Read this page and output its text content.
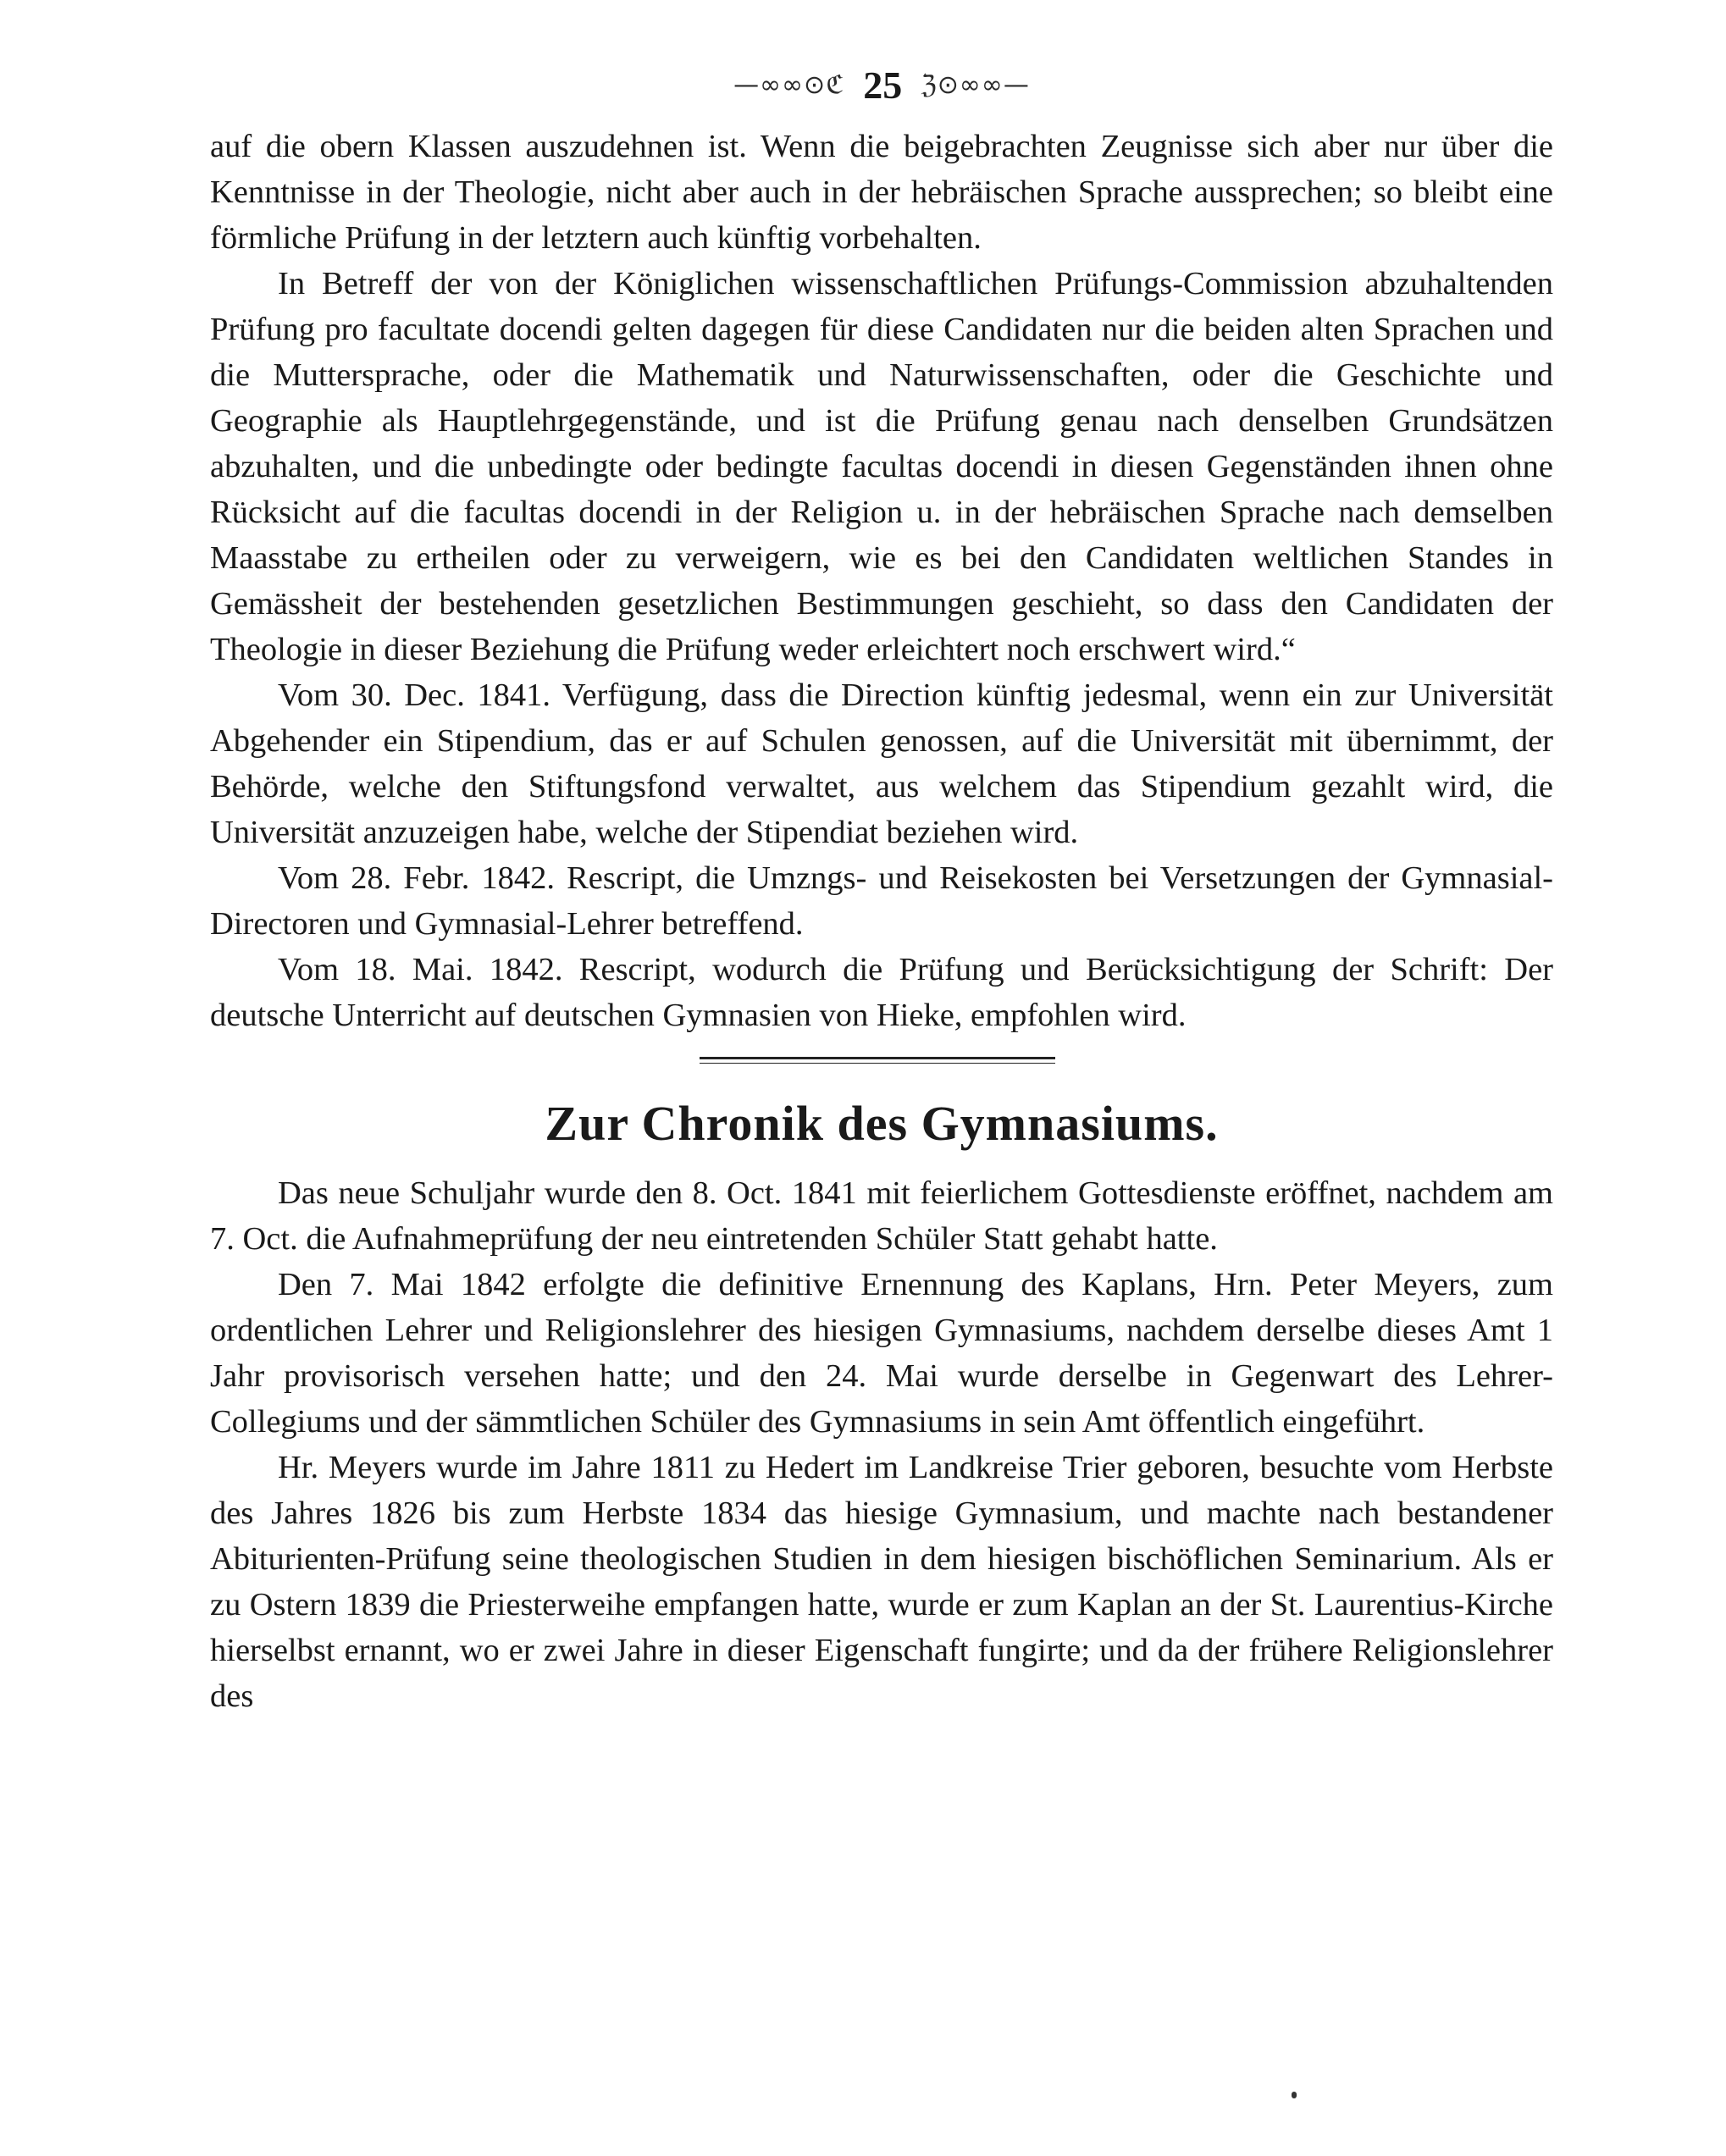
—∞∞⊙ℭ 25 ℨ⊙∞∞—

auf die obern Klassen auszudehnen ist. Wenn die beigebrachten Zeugnisse sich aber nur über die Kenntnisse in der Theologie, nicht aber auch in der hebräischen Sprache aussprechen; so bleibt eine förmliche Prüfung in der letztern auch künftig vorbehalten.

In Betreff der von der Königlichen wissenschaftlichen Prüfungs-Commission abzuhaltenden Prüfung pro facultate docendi gelten dagegen für diese Candidaten nur die beiden alten Sprachen und die Muttersprache, oder die Mathematik und Naturwissenschaften, oder die Geschichte und Geographie als Hauptlehrgegenstände, und ist die Prüfung genau nach denselben Grundsätzen abzuhalten, und die unbedingte oder bedingte facultas docendi in diesen Gegenständen ihnen ohne Rücksicht auf die facultas docendi in der Religion u. in der hebräischen Sprache nach demselben Maasstabe zu ertheilen oder zu verweigern, wie es bei den Candidaten weltlichen Standes in Gemässheit der bestehenden gesetzlichen Bestimmungen geschieht, so dass den Candidaten der Theologie in dieser Beziehung die Prüfung weder erleichtert noch erschwert wird.“

Vom 30. Dec. 1841. Verfügung, dass die Direction künftig jedesmal, wenn ein zur Universität Abgehender ein Stipendium, das er auf Schulen genossen, auf die Universität mit übernimmt, der Behörde, welche den Stiftungsfond verwaltet, aus welchem das Stipendium gezahlt wird, die Universität anzuzeigen habe, welche der Stipendiat beziehen wird.

Vom 28. Febr. 1842. Rescript, die Umzngs- und Reisekosten bei Versetzungen der Gymnasial-Directoren und Gymnasial-Lehrer betreffend.

Vom 18. Mai. 1842. Rescript, wodurch die Prüfung und Berücksichtigung der Schrift: Der deutsche Unterricht auf deutschen Gymnasien von Hieke, empfohlen wird.

Zur Chronik des Gymnasiums.

Das neue Schuljahr wurde den 8. Oct. 1841 mit feierlichem Gottesdienste eröffnet, nachdem am 7. Oct. die Aufnahmeprüfung der neu eintretenden Schüler Statt gehabt hatte.

Den 7. Mai 1842 erfolgte die definitive Ernennung des Kaplans, Hrn. Peter Meyers, zum ordentlichen Lehrer und Religionslehrer des hiesigen Gymnasiums, nachdem derselbe dieses Amt 1 Jahr provisorisch versehen hatte; und den 24. Mai wurde derselbe in Gegenwart des Lehrer-Collegiums und der sämmtlichen Schüler des Gymnasiums in sein Amt öffentlich eingeführt.

Hr. Meyers wurde im Jahre 1811 zu Hedert im Landkreise Trier geboren, besuchte vom Herbste des Jahres 1826 bis zum Herbste 1834 das hiesige Gymnasium, und machte nach bestandener Abiturienten-Prüfung seine theologischen Studien in dem hiesigen bischöflichen Seminarium. Als er zu Ostern 1839 die Priesterweihe empfangen hatte, wurde er zum Kaplan an der St. Laurentius-Kirche hierselbst ernannt, wo er zwei Jahre in dieser Eigenschaft fungirte; und da der frühere Religionslehrer des
